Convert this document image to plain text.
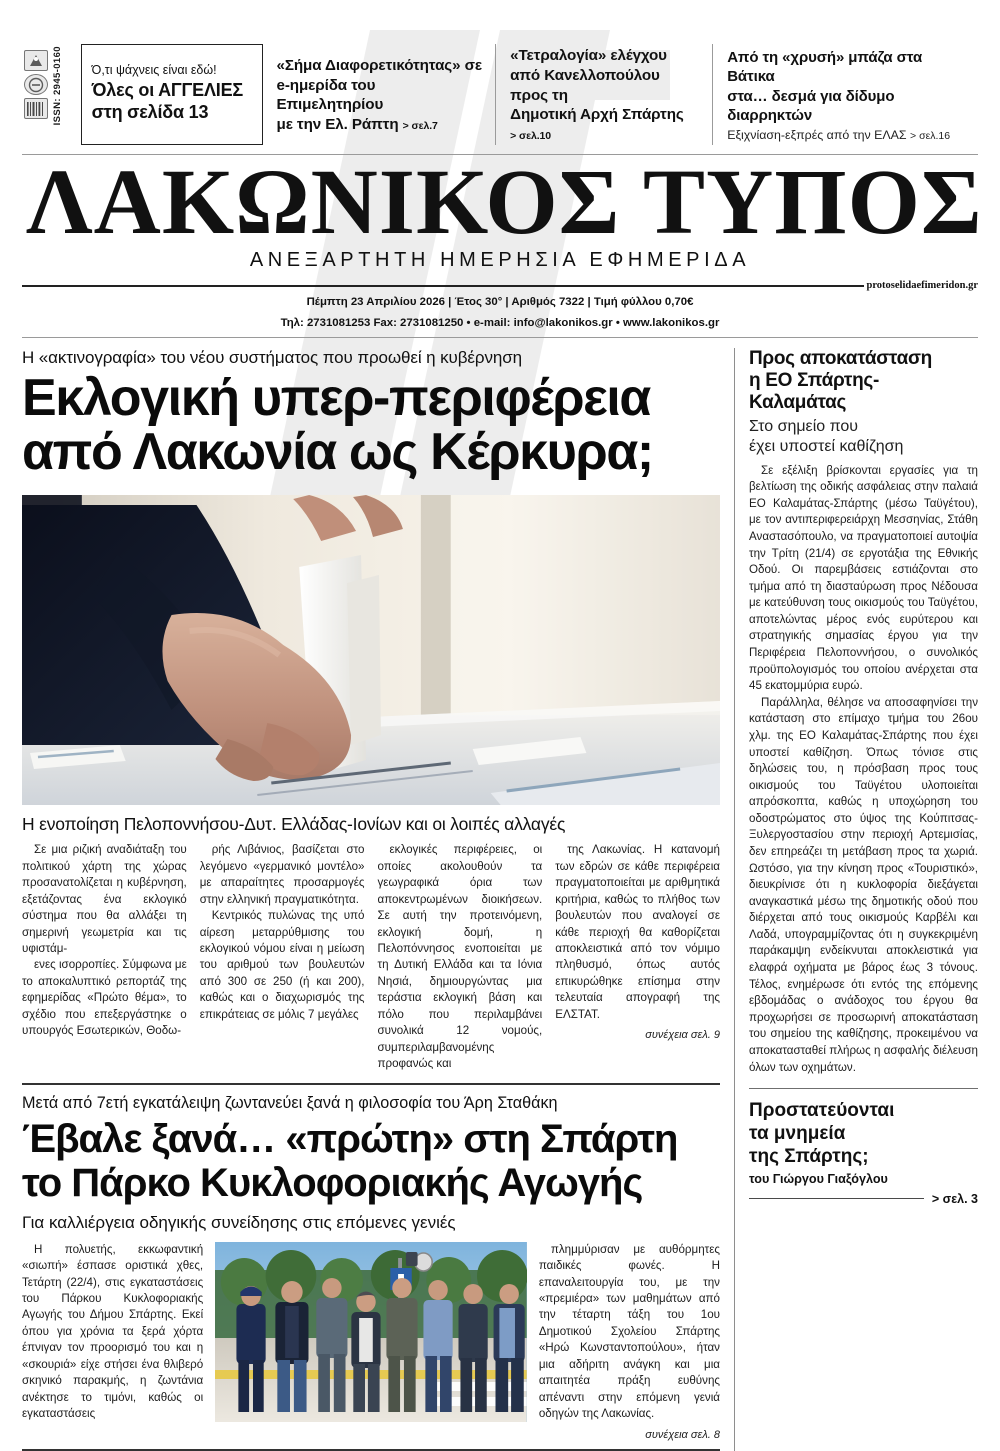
ISSN: 2945-0160 Ό,τι ψάχνεις είναι εδώ!
Όλες οι ΑΓΓΕΛΙΕΣ
στη σελίδα 13
«Σήμα Διαφορετικότητας» σε
e-ημερίδα του Επιμελητηρίου
με την Ελ. Ράπτη > σελ.7
«Τετραλογία» ελέγχου
από Κανελλοπούλου προς τη
Δημοτική Αρχή Σπάρτης > σελ.10
Από τη «χρυσή» μπάζα στα Βάτικα
στα… δεσμά για δίδυμο διαρρηκτών
Εξιχνίαση-εξπρές από την ΕΛΑΣ > σελ.16
ΛΑΚΩΝΙΚΟΣ ΤΥΠΟΣ
ΑΝΕΞΑΡΤΗΤΗ ΗΜΕΡΗΣΙΑ ΕΦΗΜΕΡΙΔΑ
protoselidaefimeridon.gr
Πέμπτη 23 Απριλίου 2026 | Έτος 30° | Αριθμός 7322 | Τιμή φύλλου 0,70€
Τηλ: 2731081253 Fax: 2731081250 • e-mail: info@lakonikos.gr • www.lakonikos.gr
Η «ακτινογραφία» του νέου συστήματος που προωθεί η κυβέρνηση
Εκλογική υπερ-περιφέρεια
από Λακωνία ως Κέρκυρα;
Η ενοποίηση Πελοποννήσου-Δυτ. Ελλάδας-Ιονίων και οι λοιπές αλλαγές

Σε μια ριζική αναδιάταξη του πολιτικού χάρτη της χώρας προσανατολίζεται η κυβέρνηση, εξετάζοντας ένα εκλογικό σύστημα που θα αλλάξει τη σημερινή γεωμετρία και τις υφιστάμ-

ενες ισορροπίες. Σύμφωνα με το αποκαλυπτικό ρεπορτάζ της εφημερίδας «Πρώτο θέμα», το σχέδιο που επεξεργάστηκε ο υπουργός Εσωτερικών, Θοδω-

ρής Λιβάνιος, βασίζεται στο λεγόμενο «γερμανικό μοντέλο» με απαραίτητες προσαρμογές στην ελληνική πραγματικότητα.

Κεντρικός πυλώνας της υπό αίρεση μεταρρύθμισης του εκλογικού νόμου είναι η μείωση του αριθμού των βουλευτών από 300 σε 250 (ή και 200), καθώς και ο διαχωρισμός της επικράτειας σε μόλις 7 μεγάλες

εκλογικές περιφέρειες, οι οποίες ακολουθούν τα γεωγραφικά όρια των αποκεντρωμένων διοικήσεων. Σε αυτή την προτεινόμενη, εκλογική δομή, η Πελοπόννησος ενοποιείται με τη Δυτική Ελλάδα και τα Ιόνια Νησιά, δημιουργώντας μια τεράστια εκλογική βάση και πόλο που περιλαμβάνει συνολικά 12 νομούς, συμπεριλαμβανομένης προφανώς και

της Λακωνίας. Η κατανομή των εδρών σε κάθε περιφέρεια πραγματοποιείται με αριθμητικά κριτήρια, καθώς το πλήθος των βουλευτών που αναλογεί σε κάθε περιοχή θα καθορίζεται αποκλειστικά από τον νόμιμο πληθυσμό, όπως αυτός επικυρώθηκε επίσημα στην τελευταία απογραφή της ΕΛΣΤΑΤ.

συνέχεια σελ. 9
Μετά από 7ετή εγκατάλειψη ζωντανεύει ξανά η φιλοσοφία του Άρη Σταθάκη
Έβαλε ξανά… «πρώτη» στη Σπάρτη
το Πάρκο Κυκλοφοριακής Αγωγής
Για καλλιέργεια οδηγικής συνείδησης στις επόμενες γενιές

Η πολυετής, εκκωφαντική «σιωπή» έσπασε οριστικά χθες, Τετάρτη (22/4), στις εγκαταστάσεις του Πάρκου Κυκλοφοριακής Αγωγής του Δήμου Σπάρτης. Εκεί όπου για χρόνια τα ξερά χόρτα έπνιγαν τον προορισμό του και η «σκουριά» είχε στήσει ένα θλιβερό σκηνικό παρακμής, η ζωντάνια ανέκτησε το τιμόνι, καθώς οι εγκαταστάσεις

πλημμύρισαν με αυθόρμητες παιδικές φωνές. Η επαναλειτουργία του, με την «πρεμιέρα» των μαθημάτων από την τέταρτη τάξη του 1ου Δημοτικού Σχολείου Σπάρτης «Ηρώ Κωνσταντοπούλου», ήταν μια αδήριτη ανάγκη και μια απαιτητέα πράξη ευθύνης απέναντι στην επόμενη γενιά οδηγών της Λακωνίας.

συνέχεια σελ. 8
Προς αποκατάσταση
η ΕΟ Σπάρτης-
Καλαμάτας
Στο σημείο που
έχει υποστεί καθίζηση

Σε εξέλιξη βρίσκονται εργασίες για τη βελτίωση της οδικής ασφάλειας στην παλαιά ΕΟ Καλαμάτας-Σπάρτης (μέσω Ταϋγέτου), με τον αντιπεριφερειάρχη Μεσσηνίας, Στάθη Αναστασόπουλο, να πραγματοποιεί αυτοψία την Τρίτη (21/4) σε εργοτάξια της Εθνικής Οδού. Οι παρεμβάσεις εστιάζονται στο τμήμα από τη διασταύρωση προς Νέδουσα με κατεύθυνση τους οικισμούς του Ταϋγέτου, αποτελώντας μέρος ενός ευρύτερου και στρατηγικής σημασίας έργου για την Περιφέρεια Πελοποννήσου, ο συνολικός προϋπολογισμός του οποίου ανέρχεται στα 45 εκατομμύρια ευρώ.

Παράλληλα, θέλησε να αποσαφηνίσει την κατάσταση στο επίμαχο τμήμα του 26ου χλμ. της ΕΟ Καλαμάτας-Σπάρτης που έχει υποστεί καθίζηση. Όπως τόνισε στις δηλώσεις του, η πρόσβαση προς τους οικισμούς του Ταϋγέτου υλοποιείται απρόσκοπτα, καθώς η υποχώρηση του οδοστρώματος στο ύψος της Κούπιτσας-Ξυλεργοστασίου στην περιοχή Αρτεμισίας, δεν επηρεάζει τη μετάβαση προς τα χωριά. Ωστόσο, για την κίνηση προς «Τουριστικό», διευκρίνισε ότι η κυκλοφορία διεξάγεται αναγκαστικά μέσω της δημοτικής οδού που διέρχεται από τους οικισμούς Καρβέλι και Λαδά, υπογραμμίζοντας ότι η συγκεκριμένη παράκαμψη ενδείκνυται αποκλειστικά για ελαφρά οχήματα με βάρος έως 3 τόνους. Τέλος, ενημέρωσε ότι εντός της επόμενης εβδομάδας ο ανάδοχος του έργου θα προχωρήσει σε προσωρινή αποκατάσταση του σημείου της καθίζησης, προκειμένου να αποκατασταθεί πλήρως η ασφαλής διέλευση όλων των οχημάτων.

Προστατεύονται
τα μνημεία
της Σπάρτης;
του Γιώργου Γιαξόγλου
> σελ. 3
